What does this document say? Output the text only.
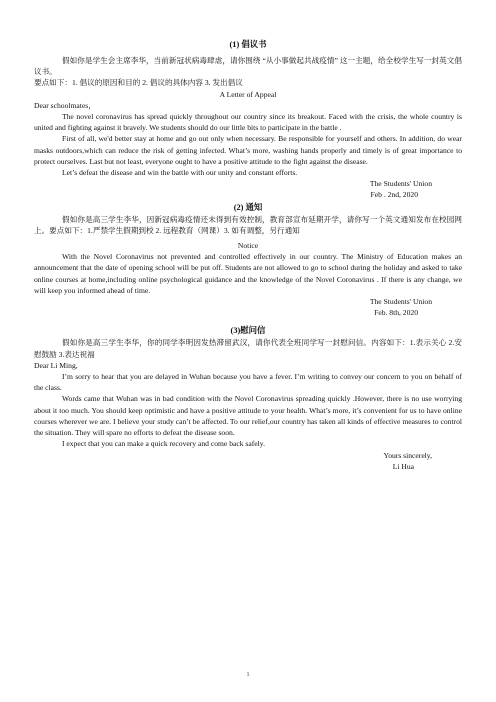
(1) 倡议书

假如你是学生会主席李华，当前新冠状病毒肆虐，请你围绕 “从小事做起共战疫情” 这一主题，给全校学生写一封英文倡议书。

要点如下：1. 倡议的原因和目的 2. 倡议的具体内容 3. 发出倡议

A Letter of Appeal

Dear schoolmates，

The novel coronavirus has spread quickly throughout our country since its breakout. Faced with the crisis, the whole country is united and fighting against it bravely. We students should do our little bits to participate in the battle .

First of all, we'd better stay at home and go out only when necessary. Be responsible for yourself and others. In addition, do wear masks outdoors,which can reduce the risk of getting infected. What’s more, washing hands properly and timely is of great importance to protect ourselves. Last but not least, everyone ought to have a positive attitude to the fight against the disease.

Let’s defeat the disease and win the battle with our unity and constant efforts.

The Students' Union

Feb . 2nd, 2020

(2) 通知

假如你是高三学生李华，因新冠病毒疫情还未得到有效控制，教育部宣布延期开学，请你写一个英文通知发布在校园网上。要点如下：1.严禁学生假期到校 2. 远程教育（网课）3. 如有调整，另行通知

Notice

With the Novel Coronavirus not prevented and controlled effectively in our country. The Ministry of Education makes an announcement that the date of opening school will be put off. Students are not allowed to go to school during the holiday and asked to take online courses at home,including online psychological guidance and the knowledge of the Novel Coronavirus . If there is any change, we will keep you informed ahead of time.

The Students' Union

Feb. 8th, 2020

(3)慰问信

假如你是高三学生李华，你的同学李明因发热滞留武汉，请你代表全班同学写一封慰问信。内容如下：1.表示关心 2.安慰鼓励 3.表达祝福

Dear Li Ming,

I’m sorry to hear that you are delayed in Wuhan because you have a fever. I’m writing to convey our concern to you on behalf of the class.

Words came that Wuhan was in bad condition with the Novel Coronavirus spreading quickly .However, there is no use worrying about it too much. You should keep optimistic and have a positive attitude to your health. What’s more, it’s convenient for us to have online courses wherever we are. I believe your study can’t be affected. To our relief,our country has taken all kinds of effective measures to control the situation. They will spare no efforts to defeat the disease soon.

I expect that you can make a quick recovery and come back safely.

Yours sincerely,

Li Hua

1
